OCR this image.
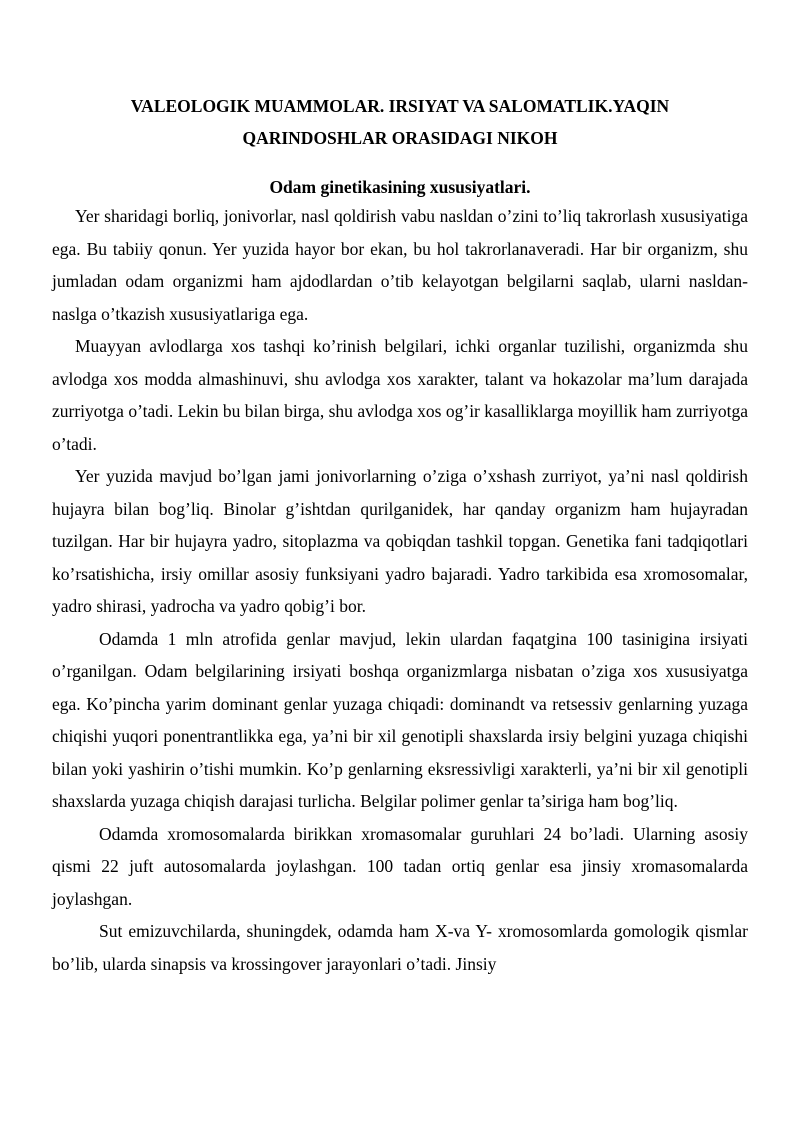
VALEOLOGIK MUAMMOLAR. IRSIYAT VA SALOMATLIK.YAQIN
QARINDOSHLAR ORASIDAGI NIKOH
Odam ginetikasining xususiyatlari.

Yer sharidagi borliq, jonivorlar, nasl qoldirish vabu nasldan o’zini to’liq takrorlash xususiyatiga ega. Bu tabiiy qonun. Yer yuzida hayor bor ekan, bu hol takrorlanaveradi. Har bir organizm, shu jumladan odam organizmi ham ajdodlardan o’tib kelayotgan belgilarni saqlab, ularni nasldan-naslga o’tkazish xususiyatlariga ega.

Muayyan avlodlarga xos tashqi ko’rinish belgilari, ichki organlar tuzilishi, organizmda shu avlodga xos modda almashinuvi, shu avlodga xos xarakter, talant va hokazolar ma’lum darajada zurriyotga o’tadi. Lekin bu bilan birga, shu avlodga xos og’ir kasalliklarga moyillik ham zurriyotga o’tadi.

Yer yuzida mavjud bo’lgan jami jonivorlarning o’ziga o’xshash zurriyot, ya’ni nasl qoldirish hujayra bilan bog’liq. Binolar g’ishtdan qurilganidek, har qanday organizm ham hujayradan tuzilgan. Har bir hujayra yadro, sitoplazma va qobiqdan tashkil topgan. Genetika fani tadqiqotlari ko’rsatishicha, irsiy omillar asosiy funksiyani yadro bajaradi. Yadro tarkibida esa xromosomalar, yadro shirasi, yadrocha va yadro qobig’i bor.

Odamda 1 mln atrofida genlar mavjud, lekin ulardan faqatgina 100 tasinigina irsiyati o’rganilgan. Odam belgilarining irsiyati boshqa organizmlarga nisbatan o’ziga xos xususiyatga ega. Ko’pincha yarim dominant genlar yuzaga chiqadi: dominandt va retsessiv genlarning yuzaga chiqishi yuqori ponentrantlikka ega, ya’ni bir xil genotipli shaxslarda irsiy belgini yuzaga chiqishi bilan yoki yashirin o’tishi mumkin. Ko’p genlarning eksressivligi xarakterli, ya’ni bir xil genotipli shaxslarda yuzaga chiqish darajasi turlicha. Belgilar polimer genlar ta’siriga ham bog’liq.

Odamda xromosomalarda birikkan xromasomalar guruhlari 24 bo’ladi. Ularning asosiy qismi 22 juft autosomalarda joylashgan. 100 tadan ortiq genlar esa jinsiy xromasomalarda joylashgan.

Sut emizuvchilarda, shuningdek, odamda ham X-va Y- xromosomlarda gomologik qismlar bo’lib, ularda sinapsis va krossingover jarayonlari o’tadi. Jinsiy
